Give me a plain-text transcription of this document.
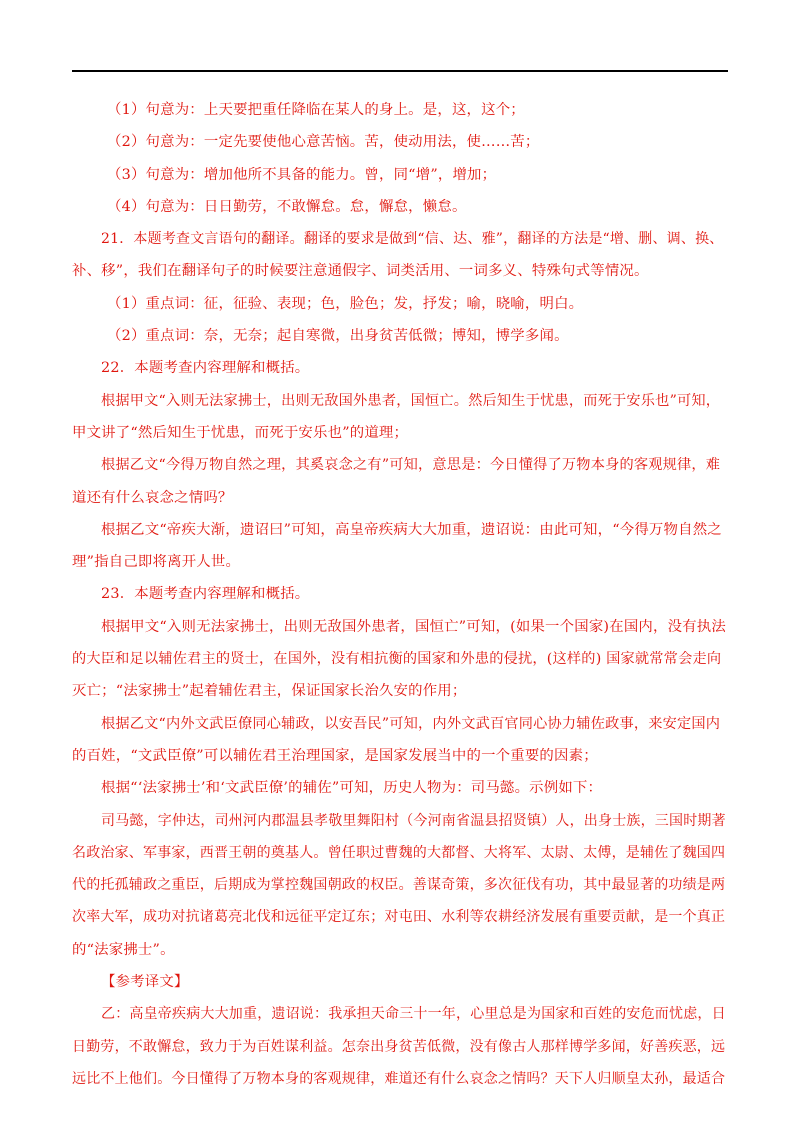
（1）句意为：上天要把重任降临在某人的身上。是，这，这个；
（2）句意为：一定先要使他心意苦恼。苦，使动用法，使……苦；
（3）句意为：增加他所不具备的能力。曾，同“增”，增加；
（4）句意为：日日勤劳，不敢懈怠。怠，懈怠，懒怠。
21．本题考查文言语句的翻译。翻译的要求是做到“信、达、雅”，翻译的方法是“增、删、调、换、
补、移”，我们在翻译句子的时候要注意通假字、词类活用、一词多义、特殊句式等情况。
（1）重点词：征，征验、表现；色，脸色；发，抒发；喻，晓喻，明白。
（2）重点词：奈，无奈；起自寒微，出身贫苦低微；博知，博学多闻。
22．本题考查内容理解和概括。
根据甲文“入则无法家拂士，出则无敌国外患者，国恒亡。然后知生于忧患，而死于安乐也”可知，
甲文讲了“然后知生于忧患，而死于安乐也”的道理；
根据乙文“今得万物自然之理，其奚哀念之有”可知，意思是：今日懂得了万物本身的客观规律，难
道还有什么哀念之情吗？
根据乙文“帝疾大渐，遗诏曰”可知，高皇帝疾病大大加重，遗诏说：由此可知，“今得万物自然之
理”指自己即将离开人世。
23．本题考查内容理解和概括。
根据甲文“入则无法家拂士，出则无敌国外患者，国恒亡”可知，(如果一个国家)在国内，没有执法
的大臣和足以辅佐君主的贤士，在国外，没有相抗衡的国家和外患的侵扰，(这样的) 国家就常常会走向
灭亡；“法家拂士”起着辅佐君主，保证国家长治久安的作用；
根据乙文“内外文武臣僚同心辅政，以安吾民”可知，内外文武百官同心协力辅佐政事，来安定国内
的百姓，“文武臣僚”可以辅佐君王治理国家，是国家发展当中的一个重要的因素；
根据“‘法家拂士’和‘文武臣僚’的辅佐”可知，历史人物为：司马懿。示例如下：
司马懿，字仲达，司州河内郡温县孝敬里舞阳村（今河南省温县招贤镇）人，出身士族，三国时期著
名政治家、军事家，西晋王朝的奠基人。曾任职过曹魏的大都督、大将军、太尉、太傅，是辅佐了魏国四
代的托孤辅政之重臣，后期成为掌控魏国朝政的权臣。善谋奇策，多次征伐有功，其中最显著的功绩是两
次率大军，成功对抗诸葛亮北伐和远征平定辽东；对屯田、水利等农耕经济发展有重要贡献，是一个真正
的“法家拂士”。
【参考译文】
乙：高皇帝疾病大大加重，遗诏说：我承担天命三十一年，心里总是为国家和百姓的安危而忧虑，日
日勤劳，不敢懈怠，致力于为百姓谋利益。怎奈出身贫苦低微，没有像古人那样博学多闻，好善疾恶，远
远比不上他们。今日懂得了万物本身的客观规律，难道还有什么哀念之情吗？天下人归顺皇太孙，最适合
